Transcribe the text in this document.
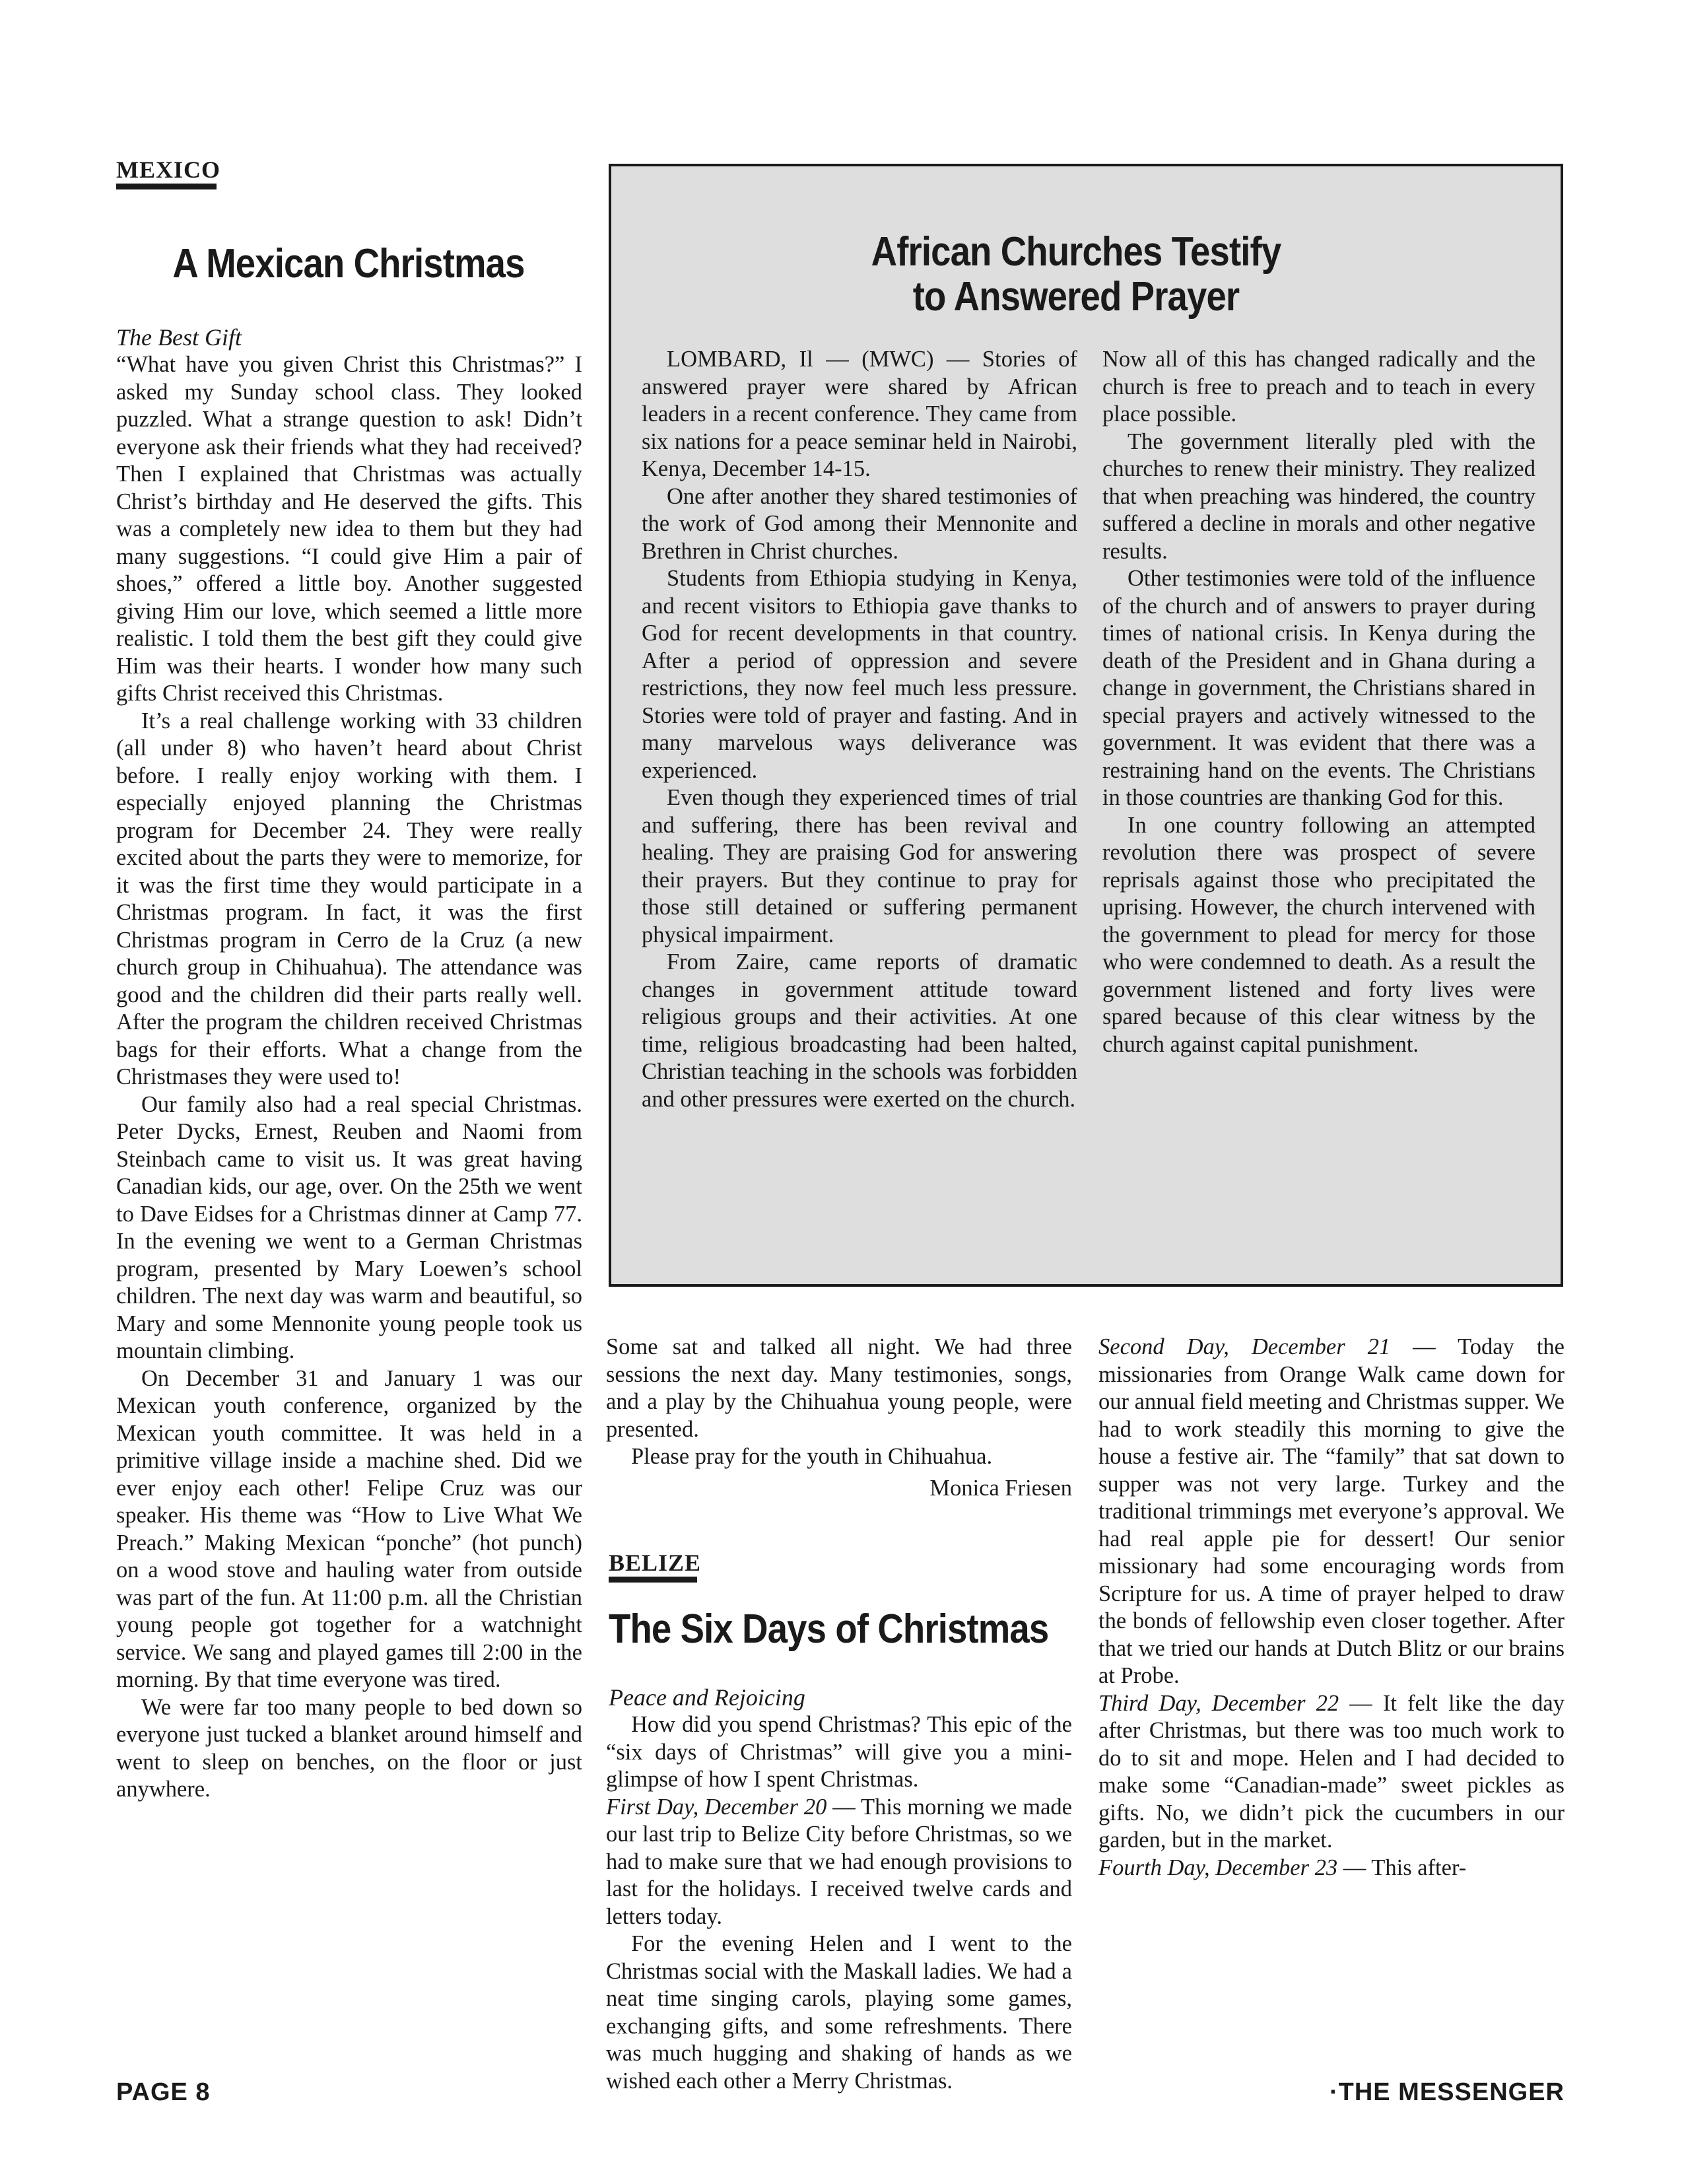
MEXICO
A Mexican Christmas
The Best Gift

“What have you given Christ this Christmas?” I asked my Sunday school class. They looked puzzled. What a strange question to ask! Didn’t everyone ask their friends what they had received? Then I explained that Christmas was actually Christ’s birthday and He deserved the gifts. This was a completely new idea to them but they had many suggestions. “I could give Him a pair of shoes,” offered a little boy. Another suggested giving Him our love, which seemed a little more realistic. I told them the best gift they could give Him was their hearts. I wonder how many such gifts Christ received this Christmas.

It’s a real challenge working with 33 children (all under 8) who haven’t heard about Christ before. I really enjoy working with them. I especially enjoyed planning the Christmas program for December 24. They were really excited about the parts they were to memorize, for it was the first time they would participate in a Christmas program. In fact, it was the first Christmas program in Cerro de la Cruz (a new church group in Chihuahua). The attendance was good and the children did their parts really well. After the program the children received Christmas bags for their efforts. What a change from the Christmases they were used to!

Our family also had a real special Christmas. Peter Dycks, Ernest, Reuben and Naomi from Steinbach came to visit us. It was great having Canadian kids, our age, over. On the 25th we went to Dave Eidses for a Christmas dinner at Camp 77. In the evening we went to a German Christmas program, presented by Mary Loewen’s school children. The next day was warm and beautiful, so Mary and some Mennonite young people took us mountain climbing.

On December 31 and January 1 was our Mexican youth conference, organized by the Mexican youth committee. It was held in a primitive village inside a machine shed. Did we ever enjoy each other! Felipe Cruz was our speaker. His theme was “How to Live What We Preach.” Making Mexican “ponche” (hot punch) on a wood stove and hauling water from outside was part of the fun. At 11:00 p.m. all the Christian young people got together for a watchnight service. We sang and played games till 2:00 in the morning. By that time everyone was tired.

We were far too many people to bed down so everyone just tucked a blanket around himself and went to sleep on benches, on the floor or just anywhere.

African Churches Testify
to Answered Prayer

LOMBARD, Il — (MWC) — Stories of answered prayer were shared by African leaders in a recent conference. They came from six nations for a peace seminar held in Nairobi, Kenya, December 14-15.

One after another they shared testimonies of the work of God among their Mennonite and Brethren in Christ churches.

Students from Ethiopia studying in Kenya, and recent visitors to Ethiopia gave thanks to God for recent developments in that country. After a period of oppression and severe restrictions, they now feel much less pressure. Stories were told of prayer and fasting. And in many marvelous ways deliverance was experienced.

Even though they experienced times of trial and suffering, there has been revival and healing. They are praising God for answering their prayers. But they continue to pray for those still detained or suffering permanent physical impairment.

From Zaire, came reports of dramatic changes in government attitude toward religious groups and their activities. At one time, religious broadcasting had been halted, Christian teaching in the schools was forbidden and other pressures were exerted on the church.

Now all of this has changed radically and the church is free to preach and to teach in every place possible.

The government literally pled with the churches to renew their ministry. They realized that when preaching was hindered, the country suffered a decline in morals and other negative results.

Other testimonies were told of the influence of the church and of answers to prayer during times of national crisis. In Kenya during the death of the President and in Ghana during a change in government, the Christians shared in special prayers and actively witnessed to the government. It was evident that there was a restraining hand on the events. The Christians in those countries are thanking God for this.

In one country following an attempted revolution there was prospect of severe reprisals against those who precipitated the uprising. However, the church intervened with the government to plead for mercy for those who were condemned to death. As a result the government listened and forty lives were spared because of this clear witness by the church against capital punishment.

Some sat and talked all night. We had three sessions the next day. Many testimonies, songs, and a play by the Chihuahua young people, were presented.

Please pray for the youth in Chihuahua.

Monica Friesen

BELIZE
The Six Days of Christmas
Peace and Rejoicing

How did you spend Christmas? This epic of the “six days of Christmas” will give you a mini-glimpse of how I spent Christmas.

First Day, December 20 — This morning we made our last trip to Belize City before Christmas, so we had to make sure that we had enough provisions to last for the holidays. I received twelve cards and letters today.

For the evening Helen and I went to the Christmas social with the Maskall ladies. We had a neat time singing carols, playing some games, exchanging gifts, and some refreshments. There was much hugging and shaking of hands as we wished each other a Merry Christmas.

Second Day, December 21 — Today the missionaries from Orange Walk came down for our annual field meeting and Christmas supper. We had to work steadily this morning to give the house a festive air. The “family” that sat down to supper was not very large. Turkey and the traditional trimmings met everyone’s approval. We had real apple pie for dessert! Our senior missionary had some encouraging words from Scripture for us. A time of prayer helped to draw the bonds of fellowship even closer together. After that we tried our hands at Dutch Blitz or our brains at Probe.

Third Day, December 22 — It felt like the day after Christmas, but there was too much work to do to sit and mope. Helen and I had decided to make some “Canadian-made” sweet pickles as gifts. No, we didn’t pick the cucumbers in our garden, but in the market.

Fourth Day, December 23 — This after-

PAGE 8	·THE MESSENGER
